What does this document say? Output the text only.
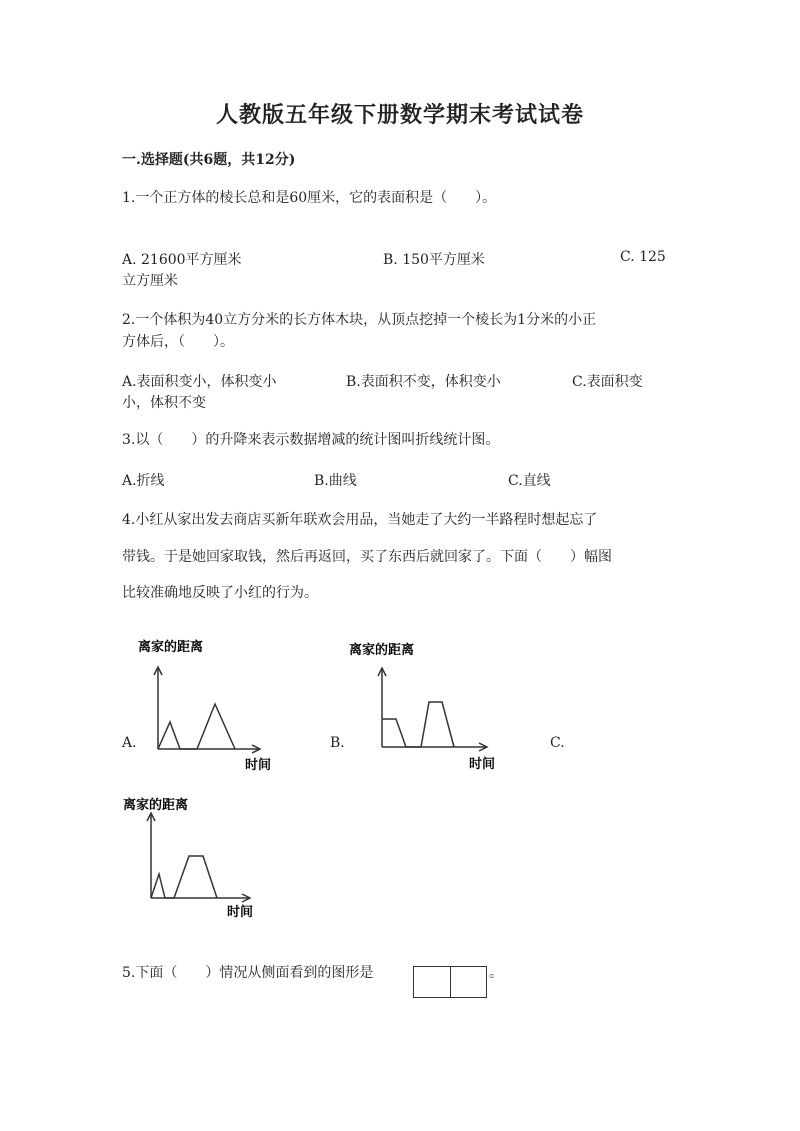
人教版五年级下册数学期末考试试卷
一.选择题(共6题，共12分)
1.一个正方体的棱长总和是60厘米，它的表面积是（　　）。
A. 21600平方厘米	B. 150平方厘米	C. 125
立方厘米
2.一个体积为40立方分米的长方体木块，从顶点挖掉一个棱长为1分米的小正
方体后，（　　）。
A.表面积变小，体积变小	B.表面积不变，体积变小	C.表面积变
小，体积不变
3.以（　　）的升降来表示数据增减的统计图叫折线统计图。
A.折线	B.曲线	C.直线
4.小红从家出发去商店买新年联欢会用品，当她走了大约一半路程时想起忘了
带钱。于是她回家取钱，然后再返回，买了东西后就回家了。下面（　　）幅图
比较准确地反映了小红的行为。
A.	B.	C.
离家的距离
时间
离家的距离
时间
离家的距离
时间
5.下面（　　）情况从侧面看到的图形是	。
